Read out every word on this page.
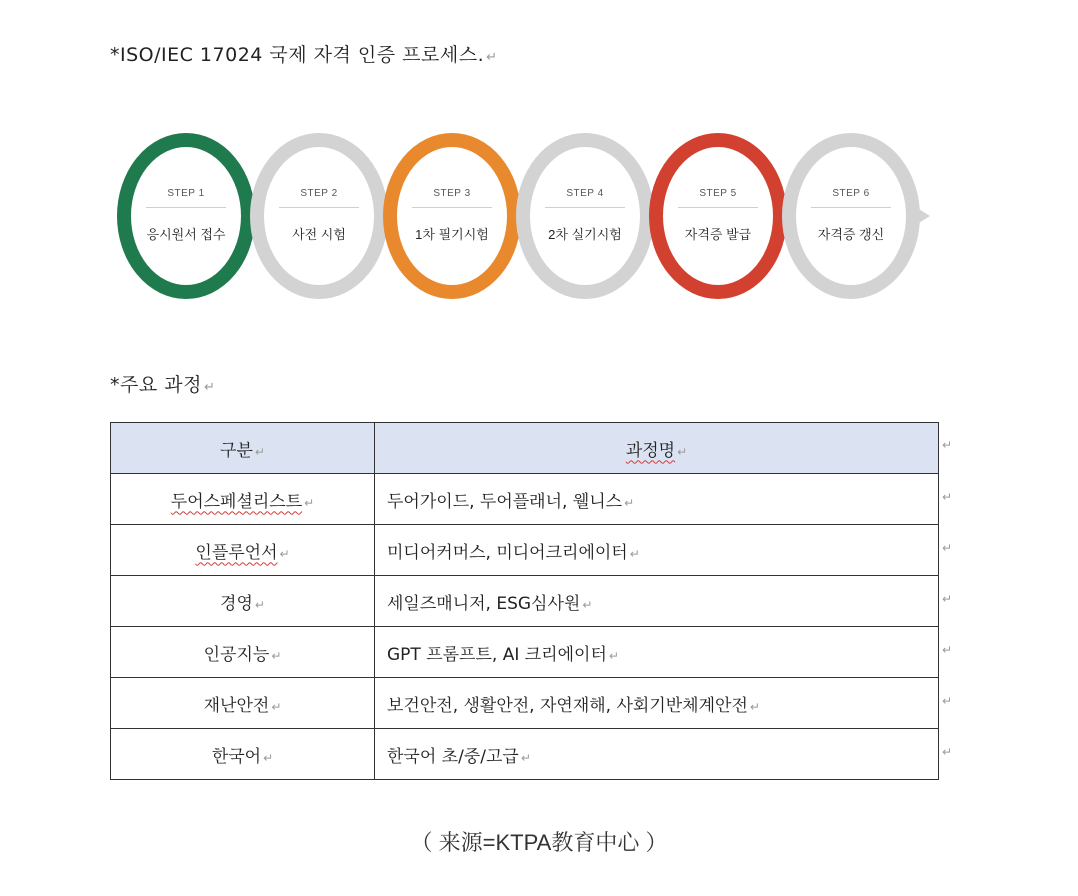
*ISO/IEC 17024 국제 자격 인증 프로세스. ↵
STEP 1
응시원서 접수
STEP 2
사전 시험
STEP 3
1차 필기시험
STEP 4
2차 실기시험
STEP 5
자격증 발급
STEP 6
자격증 갱신
*주요 과정 ↵
구분 ↵	과정명 ↵
두어스페셜리스트 ↵	두어가이드, 두어플래너, 웰니스 ↵
인플루언서 ↵	미디어커머스, 미디어크리에이터 ↵
경영 ↵	세일즈매니저, ESG심사원 ↵
인공지능 ↵	GPT 프롬프트, AI 크리에이터 ↵
재난안전 ↵	보건안전, 생활안전, 자연재해, 사회기반체계안전 ↵
한국어 ↵	한국어 초/중/고급 ↵
↵
↵
↵
↵
↵
↵
↵
（ 来源=KTPA教育中心 ）
